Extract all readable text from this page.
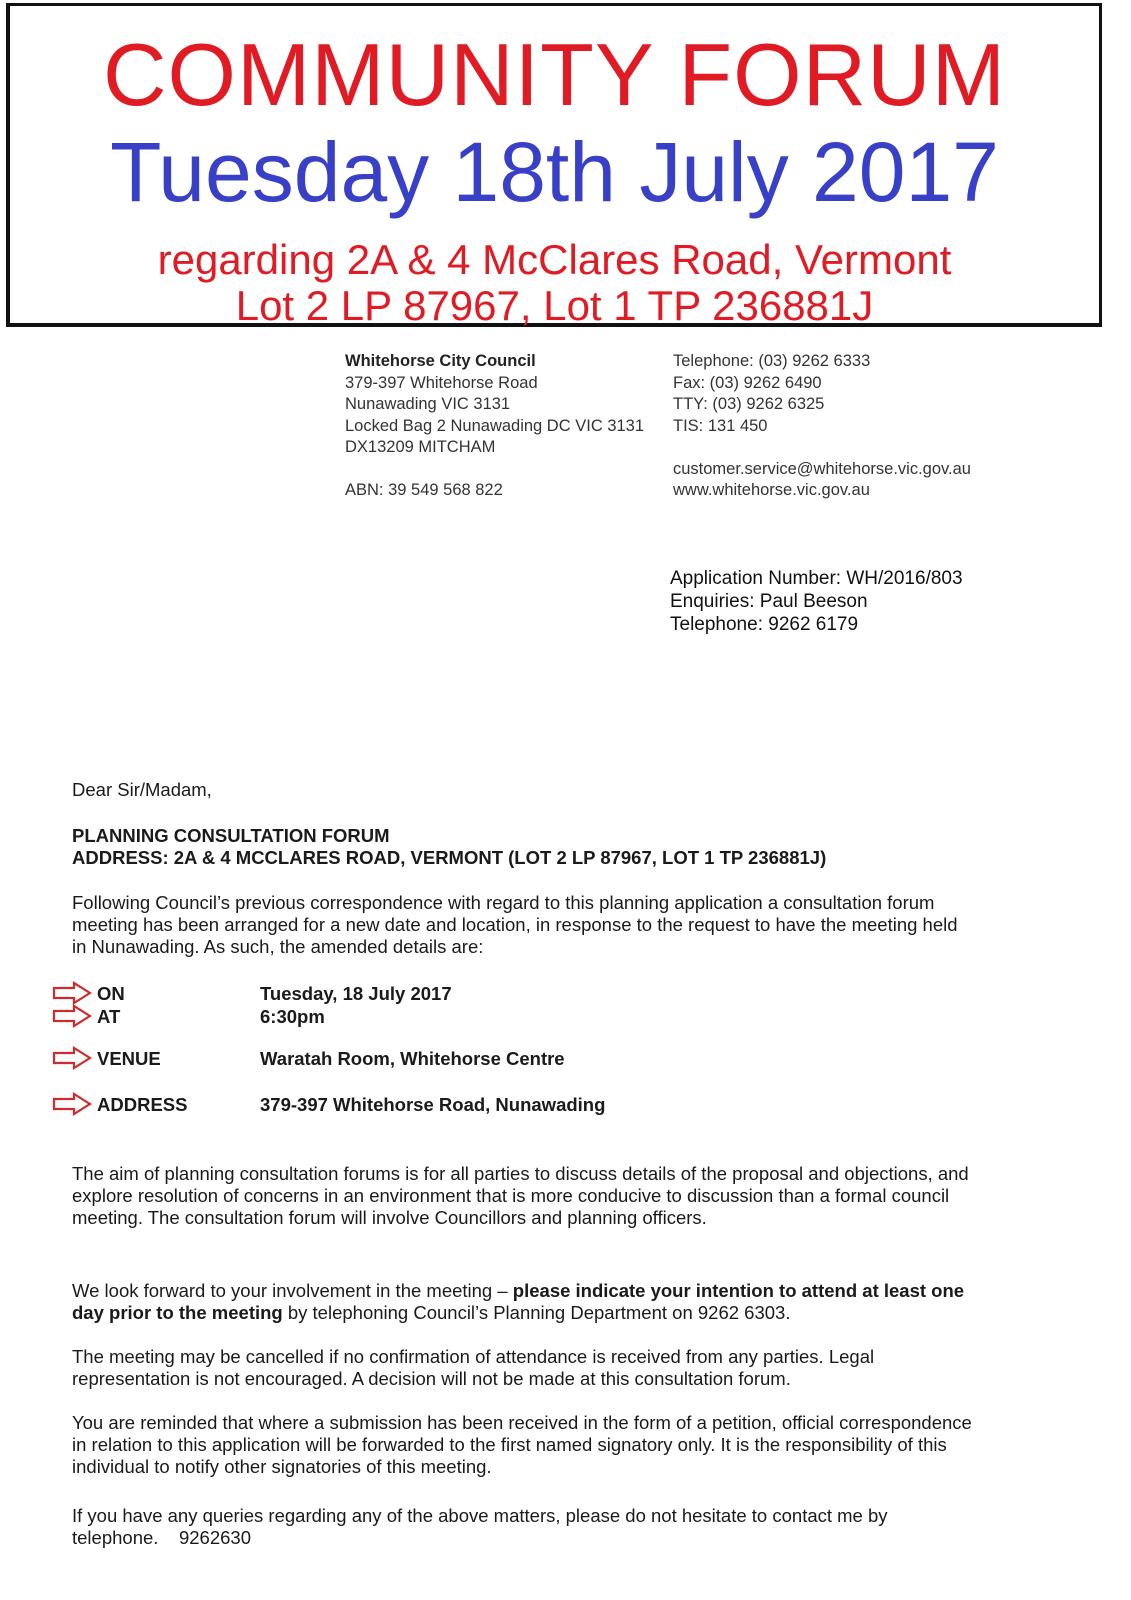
COMMUNITY FORUM
Tuesday 18th July 2017
regarding 2A & 4 McClares Road, Vermont
Lot 2 LP 87967, Lot 1 TP 236881J
Whitehorse City Council
379-397 Whitehorse Road
Nunawading VIC 3131
Locked Bag 2 Nunawading DC VIC 3131
DX13209 MITCHAM
ABN: 39 549 568 822
Telephone: (03) 9262 6333
Fax: (03) 9262 6490
TTY: (03) 9262 6325
TIS: 131 450
customer.service@whitehorse.vic.gov.au
www.whitehorse.vic.gov.au
Application Number: WH/2016/803
Enquiries: Paul Beeson
Telephone: 9262 6179
Dear Sir/Madam,
PLANNING CONSULTATION FORUM
ADDRESS: 2A & 4 MCCLARES ROAD, VERMONT (LOT 2 LP 87967, LOT 1 TP 236881J)
Following Council’s previous correspondence with regard to this planning application a consultation forum meeting has been arranged for a new date and location, in response to the request to have the meeting held in Nunawading. As such, the amended details are:
ON	Tuesday, 18 July 2017
AT	6:30pm
VENUE	Waratah Room, Whitehorse Centre
ADDRESS	379-397 Whitehorse Road, Nunawading
The aim of planning consultation forums is for all parties to discuss details of the proposal and objections, and explore resolution of concerns in an environment that is more conducive to discussion than a formal council meeting. The consultation forum will involve Councillors and planning officers.
We look forward to your involvement in the meeting – please indicate your intention to attend at least one day prior to the meeting by telephoning Council’s Planning Department on 9262 6303.
The meeting may be cancelled if no confirmation of attendance is received from any parties. Legal representation is not encouraged. A decision will not be made at this consultation forum.
You are reminded that where a submission has been received in the form of a petition, official correspondence in relation to this application will be forwarded to the first named signatory only. It is the responsibility of this individual to notify other signatories of this meeting.
If you have any queries regarding any of the above matters, please do not hesitate to contact me by telephone. 9262630
